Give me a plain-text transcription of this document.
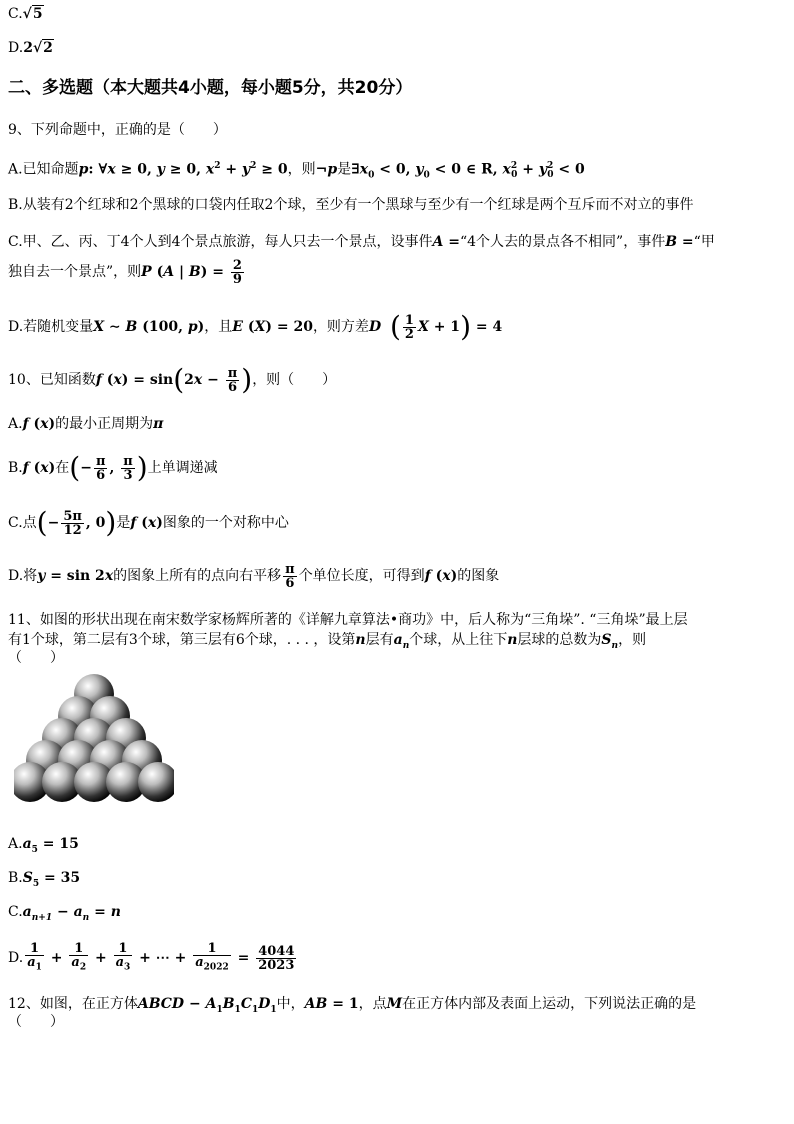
C.√5
D.2√2
二、多选题（本大题共4小题，每小题5分，共20分）
9、下列命题中，正确的是（　　）
A.已知命题p: ∀x ≥ 0, y ≥ 0, $x^2 + y^2 \ge 0$，则¬p是$\exists x_0 < 0$, $y_0 < 0$ ∈ R, $x^2_0 + y^2_0 < 0$
B.从装有2个红球和2个黑球的口袋内任取2个球，至少有一个黑球与至少有一个红球是两个互斥而不对立的事件
C.甲、乙、丙、丁4个人到4个景点旅游，每人只去一个景点，设事件A =“4个人去的景点各不相同”，事件B =“甲
独自去一个景点”，则P (A | $B) = \frac{2}{9}$
D.若随机变量X ∼ B (100, p)，且E (X) = 20，则方差D ( $\frac{1}{2}$ X + 1) = 4
10、已知函数f $(x) = \sin(2x - \frac{\pi}{6}$ )，则（　　）
A.f (x)的最小正周期为π
B.f (x)在(− $\frac{\pi}{6}$ , $\frac{\pi}{3}$ )上单调递减
C.点(− $\frac{5\pi}{12}$ , 0)是f (x)图象的一个对称中心
D.将y = sin 2x的图象上所有的点向右平移 $\frac{\pi}{6}$ 个单位长度，可得到f (x)的图象
11、如图的形状出现在南宋数学家杨辉所著的《详解九章算法•商功》中，后人称为“三角垛”. “三角垛”最上层
有1个球，第二层有3个球，第三层有6个球，. . . ，设第n层有$a_n$个球，从上往下n层球的总数为$S_n$，则
（　　）
$A.a_5 = 15$
$B.S_5 = 35$
$C.a_{n+1} - a_n = n$
D. $\frac{1}{a_1} + \frac{1}{a_2} + \frac{1}{a_3}$ + ⋯ + $\frac{1}{a_{2022}} = \frac{4044}{2023}$
12、如图，在正方体ABCD − $A_1B_1C_1D_1$中，AB = 1，点M在正方体内部及表面上运动，下列说法正确的是
（　　）
